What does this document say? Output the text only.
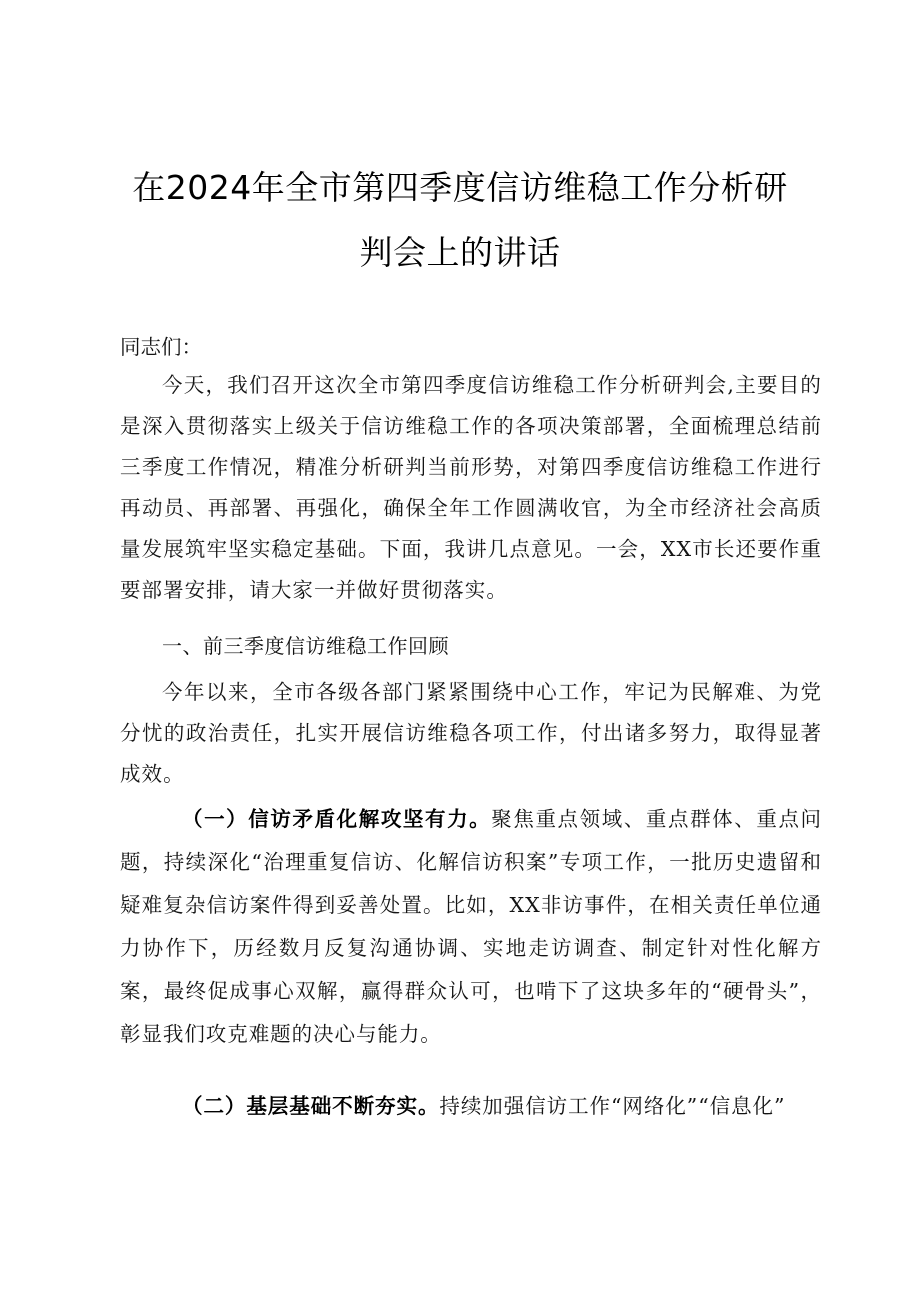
在2024年全市第四季度信访维稳工作分析研
判会上的讲话

同志们：

今天，我们召开这次全市第四季度信访维稳工作分析研判会,主要目的是深入贯彻落实上级关于信访维稳工作的各项决策部署，全面梳理总结前三季度工作情况，精准分析研判当前形势，对第四季度信访维稳工作进行再动员、再部署、再强化，确保全年工作圆满收官，为全市经济社会高质量发展筑牢坚实稳定基础。下面，我讲几点意见。一会，XX市长还要作重要部署安排，请大家一并做好贯彻落实。

一、前三季度信访维稳工作回顾

今年以来，全市各级各部门紧紧围绕中心工作，牢记为民解难、为党分忧的政治责任，扎实开展信访维稳各项工作，付出诸多努力，取得显著成效。

（一）信访矛盾化解攻坚有力。聚焦重点领域、重点群体、重点问题，持续深化“治理重复信访、化解信访积案”专项工作，一批历史遗留和疑难复杂信访案件得到妥善处置。比如，XX非访事件，在相关责任单位通力协作下，历经数月反复沟通协调、实地走访调查、制定针对性化解方案，最终促成事心双解，赢得群众认可，也啃下了这块多年的“硬骨头”，彰显我们攻克难题的决心与能力。

（二）基层基础不断夯实。持续加强信访工作“网络化”“信息化”
